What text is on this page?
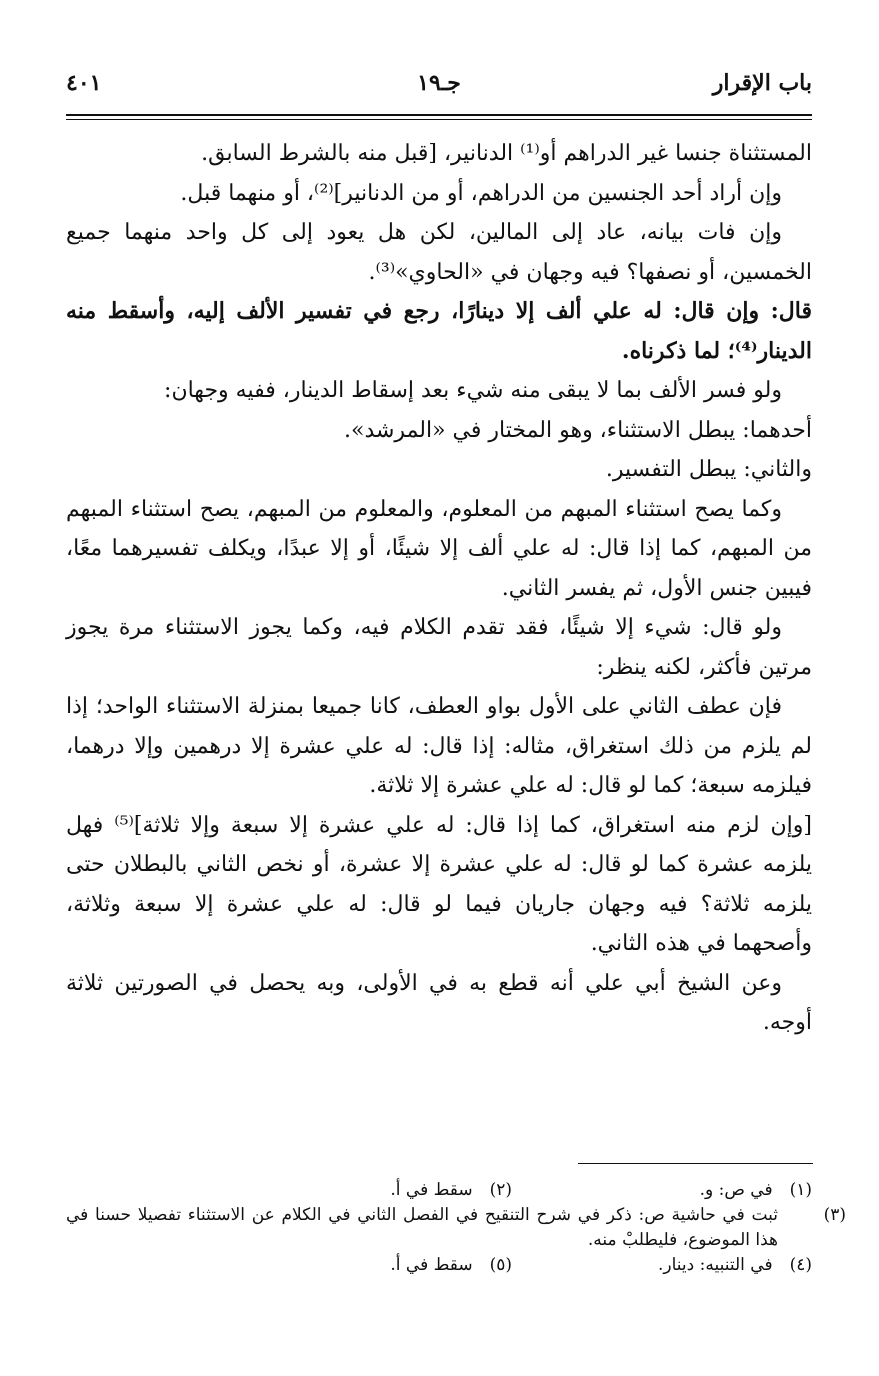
باب الإقرار
جـ١٩
٤٠١

المستثناة جنسا غير الدراهم أو⁽¹⁾ الدنانير، [قبل منه بالشرط السابق.

وإن أراد أحد الجنسين من الدراهم، أو من الدنانير]⁽²⁾، أو منهما قبل.

وإن فات بيانه، عاد إلى المالين، لكن هل يعود إلى كل واحد منهما جميع الخمسين، أو نصفها؟ فيه وجهان في «الحاوي»⁽³⁾.

قال: وإن قال: له علي ألف إلا دينارًا، رجع في تفسير الألف إليه، وأسقط منه الدينار⁽⁴⁾؛ لما ذكرناه.

ولو فسر الألف بما لا يبقى منه شيء بعد إسقاط الدينار، ففيه وجهان:

أحدهما: يبطل الاستثناء، وهو المختار في «المرشد».

والثاني: يبطل التفسير.

وكما يصح استثناء المبهم من المعلوم، والمعلوم من المبهم، يصح استثناء المبهم من المبهم، كما إذا قال: له علي ألف إلا شيئًا، أو إلا عبدًا، ويكلف تفسيرهما معًا، فيبين جنس الأول، ثم يفسر الثاني.

ولو قال: شيء إلا شيئًا، فقد تقدم الكلام فيه، وكما يجوز الاستثناء مرة يجوز مرتين فأكثر، لكنه ينظر:

فإن عطف الثاني على الأول بواو العطف، كانا جميعا بمنزلة الاستثناء الواحد؛ إذا لم يلزم من ذلك استغراق، مثاله: إذا قال: له علي عشرة إلا درهمين وإلا درهما، فيلزمه سبعة؛ كما لو قال: له علي عشرة إلا ثلاثة.

[وإن لزم منه استغراق، كما إذا قال: له علي عشرة إلا سبعة وإلا ثلاثة]⁽⁵⁾ فهل يلزمه عشرة كما لو قال: له علي عشرة إلا عشرة، أو نخص الثاني بالبطلان حتى يلزمه ثلاثة؟ فيه وجهان جاريان فيما لو قال: له علي عشرة إلا سبعة وثلاثة، وأصحهما في هذه الثاني.

وعن الشيخ أبي علي أنه قطع به في الأولى، وبه يحصل في الصورتين ثلاثة أوجه.

(١) في ص: و.
(٢) سقط في أ.
(٣)ثبت في حاشية ص: ذكر في شرح التنقيح في الفصل الثاني في الكلام عن الاستثناء تفصيلا حسنا في هذا الموضوع، فليطلبْ منه.
(٤) في التنبيه: دينار.
(٥) سقط في أ.
